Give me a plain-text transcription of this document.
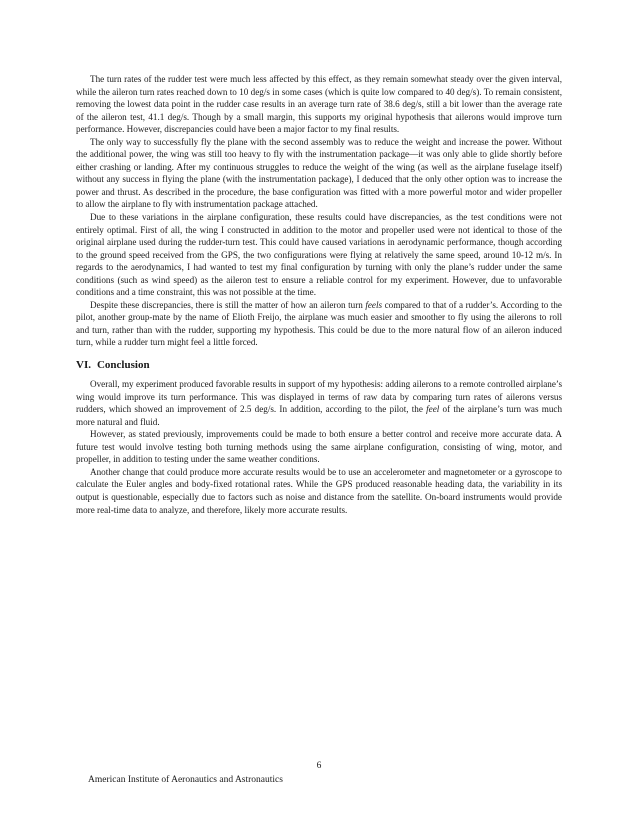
The turn rates of the rudder test were much less affected by this effect, as they remain somewhat steady over the given interval, while the aileron turn rates reached down to 10 deg/s in some cases (which is quite low compared to 40 deg/s). To remain consistent, removing the lowest data point in the rudder case results in an average turn rate of 38.6 deg/s, still a bit lower than the average rate of the aileron test, 41.1 deg/s. Though by a small margin, this supports my original hypothesis that ailerons would improve turn performance. However, discrepancies could have been a major factor to my final results.

The only way to successfully fly the plane with the second assembly was to reduce the weight and increase the power. Without the additional power, the wing was still too heavy to fly with the instrumentation package—it was only able to glide shortly before either crashing or landing. After my continuous struggles to reduce the weight of the wing (as well as the airplane fuselage itself) without any success in flying the plane (with the instrumentation package), I deduced that the only other option was to increase the power and thrust. As described in the procedure, the base configuration was fitted with a more powerful motor and wider propeller to allow the airplane to fly with instrumentation package attached.

Due to these variations in the airplane configuration, these results could have discrepancies, as the test conditions were not entirely optimal. First of all, the wing I constructed in addition to the motor and propeller used were not identical to those of the original airplane used during the rudder-turn test. This could have caused variations in aerodynamic performance, though according to the ground speed received from the GPS, the two configurations were flying at relatively the same speed, around 10-12 m/s. In regards to the aerodynamics, I had wanted to test my final configuration by turning with only the plane’s rudder under the same conditions (such as wind speed) as the aileron test to ensure a reliable control for my experiment. However, due to unfavorable conditions and a time constraint, this was not possible at the time.

Despite these discrepancies, there is still the matter of how an aileron turn feels compared to that of a rudder’s. According to the pilot, another group-mate by the name of Elioth Freijo, the airplane was much easier and smoother to fly using the ailerons to roll and turn, rather than with the rudder, supporting my hypothesis. This could be due to the more natural flow of an aileron induced turn, while a rudder turn might feel a little forced.

VI. Conclusion

Overall, my experiment produced favorable results in support of my hypothesis: adding ailerons to a remote controlled airplane’s wing would improve its turn performance. This was displayed in terms of raw data by comparing turn rates of ailerons versus rudders, which showed an improvement of 2.5 deg/s. In addition, according to the pilot, the feel of the airplane’s turn was much more natural and fluid.

However, as stated previously, improvements could be made to both ensure a better control and receive more accurate data. A future test would involve testing both turning methods using the same airplane configuration, consisting of wing, motor, and propeller, in addition to testing under the same weather conditions.

Another change that could produce more accurate results would be to use an accelerometer and magnetometer or a gyroscope to calculate the Euler angles and body-fixed rotational rates. While the GPS produced reasonable heading data, the variability in its output is questionable, especially due to factors such as noise and distance from the satellite. On-board instruments would provide more real-time data to analyze, and therefore, likely more accurate results.

6
American Institute of Aeronautics and Astronautics
